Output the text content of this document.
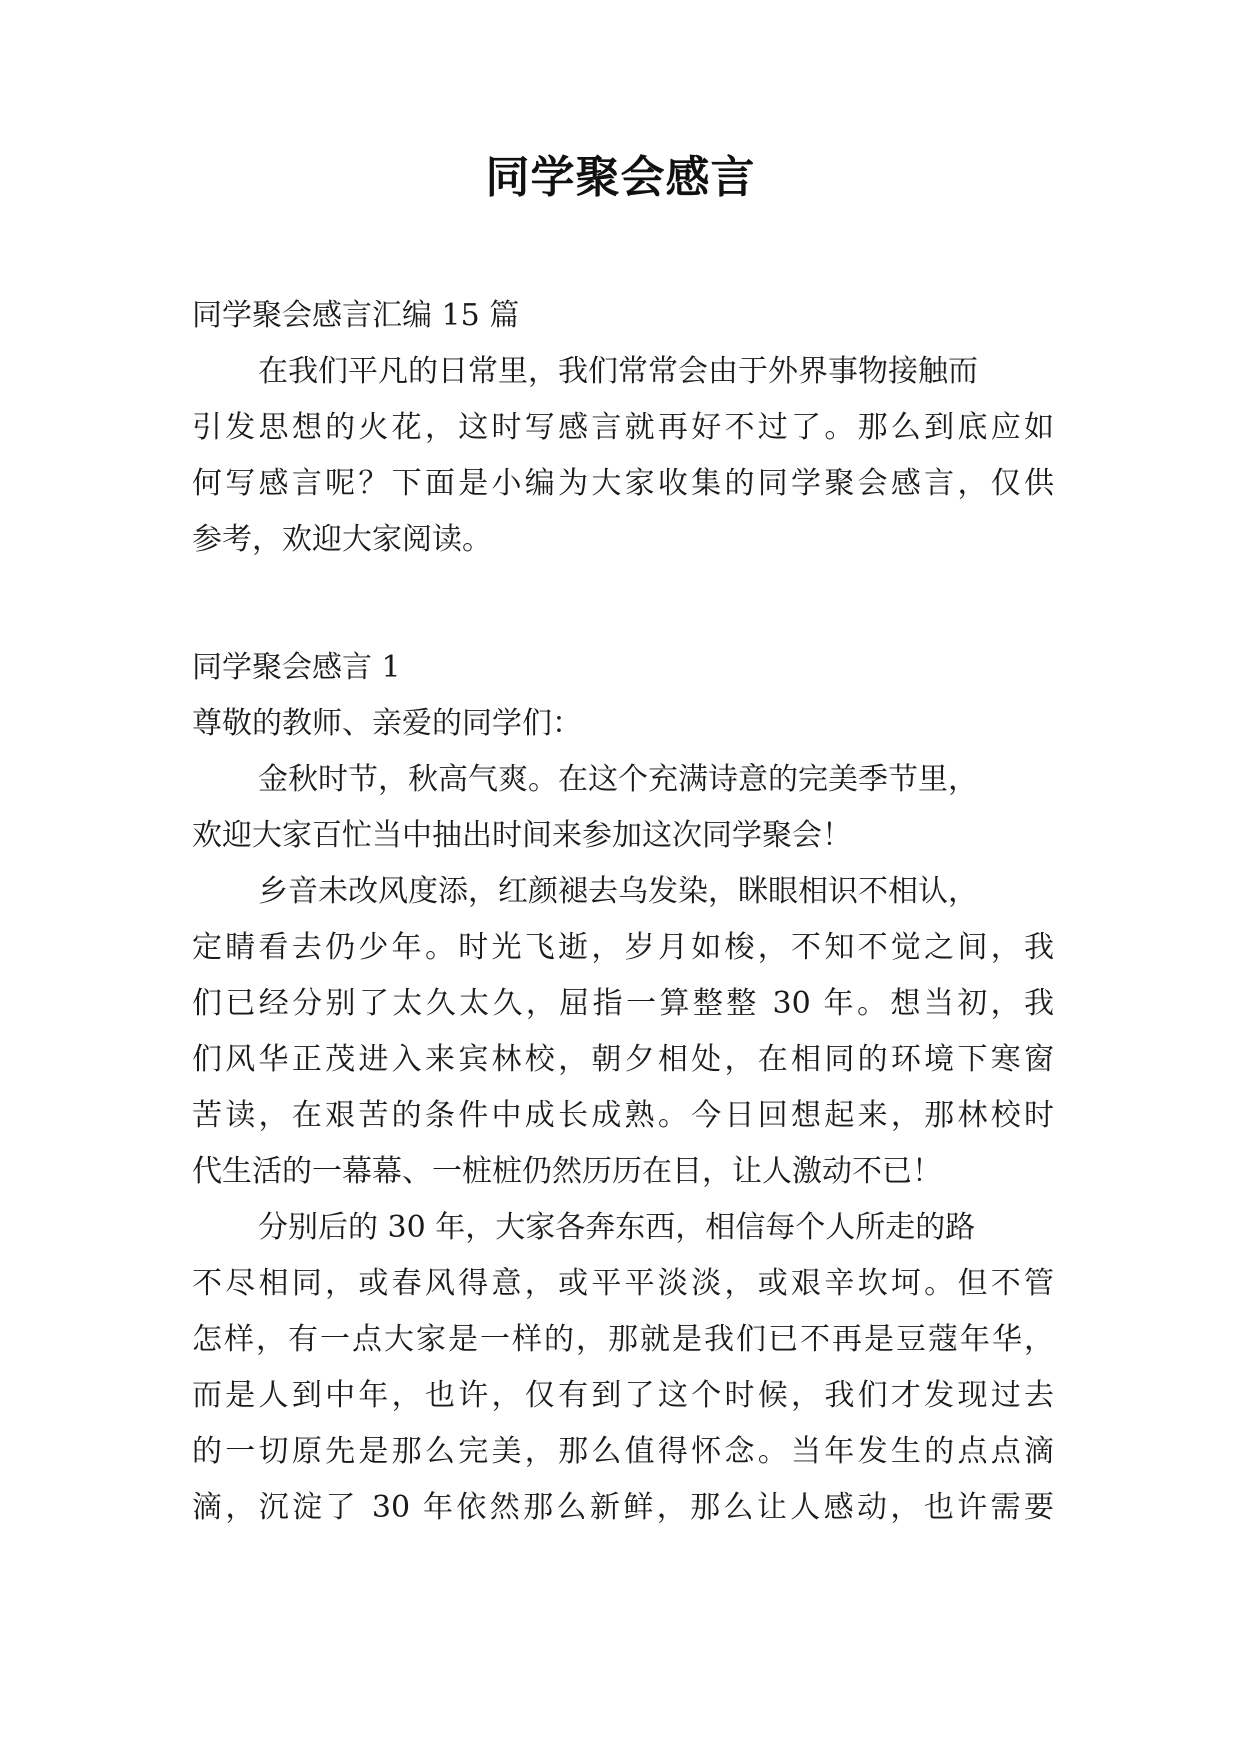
同学聚会感言
同学聚会感言汇编 15 篇
在我们平凡的日常里，我们常常会由于外界事物接触而
引发思想的火花，这时写感言就再好不过了。那么到底应如
何写感言呢？下面是小编为大家收集的同学聚会感言，仅供
参考，欢迎大家阅读。
同学聚会感言 1
尊敬的教师、亲爱的同学们：
金秋时节，秋高气爽。在这个充满诗意的完美季节里，
欢迎大家百忙当中抽出时间来参加这次同学聚会！
乡音未改风度添，红颜褪去乌发染，眯眼相识不相认，
定睛看去仍少年。时光飞逝，岁月如梭，不知不觉之间，我
们已经分别了太久太久，屈指一算整整 30 年。想当初，我
们风华正茂进入来宾林校，朝夕相处，在相同的环境下寒窗
苦读，在艰苦的条件中成长成熟。今日回想起来，那林校时
代生活的一幕幕、一桩桩仍然历历在目，让人激动不已！
分别后的 30 年，大家各奔东西，相信每个人所走的路
不尽相同，或春风得意，或平平淡淡，或艰辛坎坷。但不管
怎样，有一点大家是一样的，那就是我们已不再是豆蔻年华，
而是人到中年，也许，仅有到了这个时候，我们才发现过去
的一切原先是那么完美，那么值得怀念。当年发生的点点滴
滴，沉淀了 30 年依然那么新鲜，那么让人感动，也许需要
